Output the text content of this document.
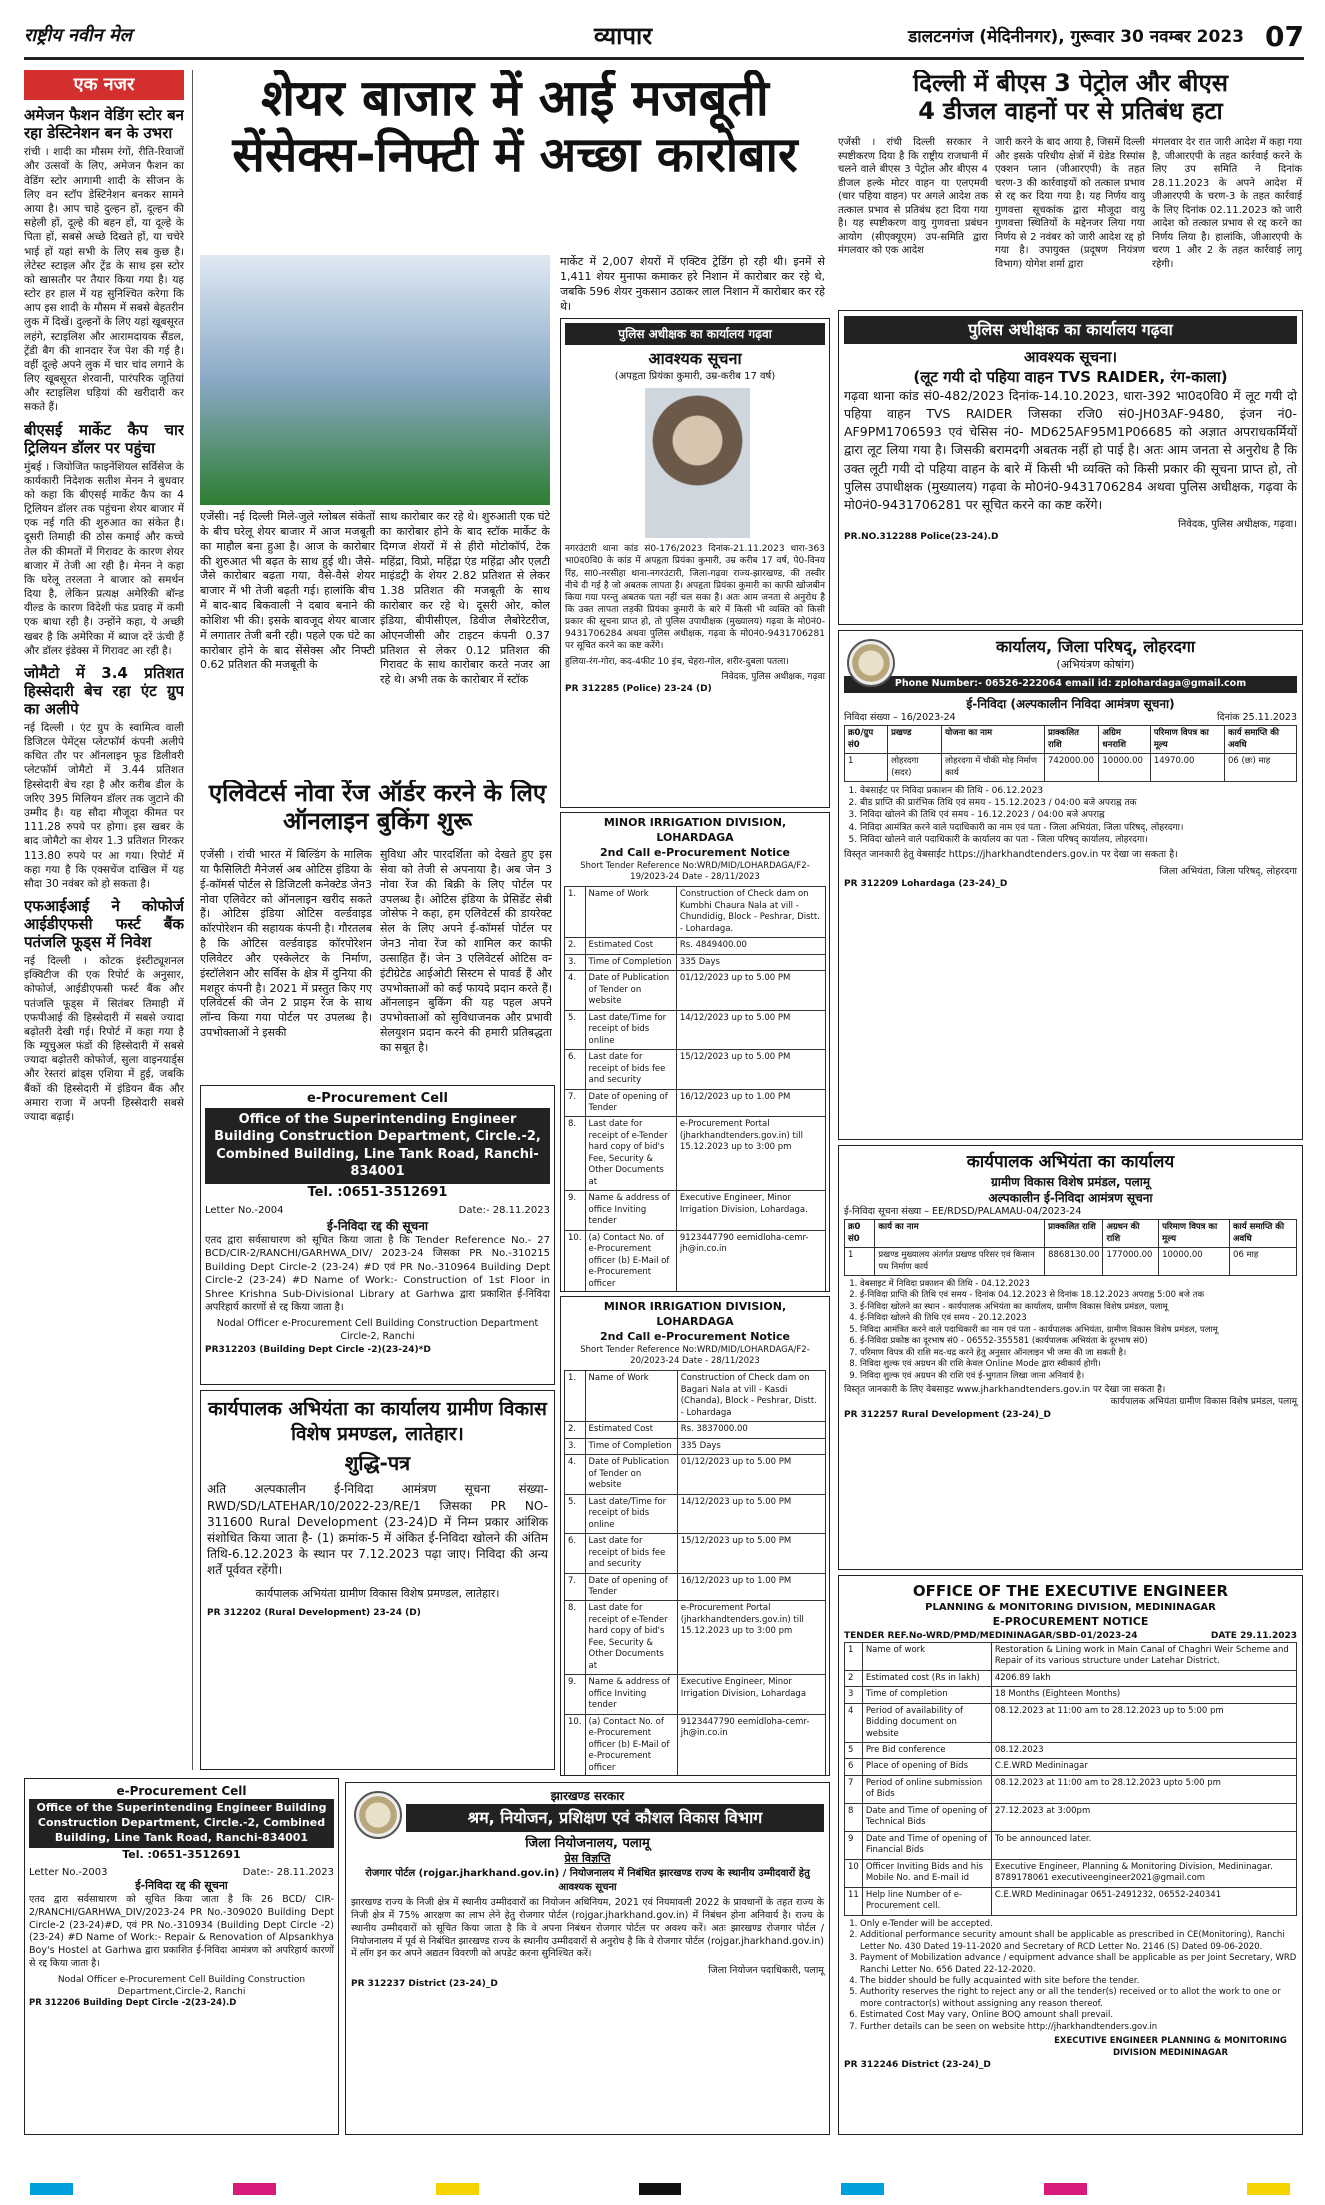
राष्ट्रीय नवीन मेल	व्यापार	डालटनगंज (मेदिनीनगर), गुरूवार 30 नवम्बर 2023 07
एक नजर
अमेजन फैशन वेडिंग स्टोर बन रहा डेस्टिनेशन बन के उभरा

रांची । शादी का मौसम रंगों, रीति-रिवाजों और उत्सवों के लिए, अमेजन फैशन का वेडिंग स्टोर आगामी शादी के सीजन के लिए वन स्टॉप डेस्टिनेशन बनकर सामने आया है। आप चाहे दुल्हन हों, दूल्हन की सहेली हों, दूल्हे की बहन हों, या दूल्हे के पिता हों, सबसे अच्छे दिखते हों, या चचेरे भाई हों यहां सभी के लिए सब कुछ है। लेटेस्ट स्टाइल और ट्रेंड के साथ इस स्टोर को खासतौर पर तैयार किया गया है। यह स्टोर हर हाल में यह सुनिश्चित करेगा कि आप इस शादी के मौसम में सबसे बेहतरीन लुक में दिखें। दुल्हनों के लिए यहां खूबसूरत लहंगे, स्टाइलिश और आरामदायक सैंडल, ट्रेंडी बैग की शानदार रेंज पेश की गई है। वहीं दूल्हे अपने लुक में चार चांद लगाने के लिए खूबसूरत शेरवानी, पारंपरिक जूतियां और स्टाइलिश घड़ियां की खरीदारी कर सकते हैं।

बीएसई मार्केट कैप चार ट्रिलियन डॉलर पर पहुंचा

मुंबई । जियोजित फाइनेंशियल सर्विसेज के कार्यकारी निदेशक सतीश मेनन ने बुधवार को कहा कि बीएसई मार्केट कैप का 4 ट्रिलियन डॉलर तक पहुंचना शेयर बाजार में एक नई गति की शुरुआत का संकेत है। दूसरी तिमाही की ठोस कमाई और कच्चे तेल की कीमतों में गिरावट के कारण शेयर बाजार में तेजी आ रही है। मेनन ने कहा कि घरेलू तरलता ने बाजार को समर्थन दिया है, लेकिन प्रत्यक्ष अमेरिकी बॉन्ड यील्ड के कारण विदेशी फंड प्रवाह में कमी एक बाधा रही है। उन्होंने कहा, ये अच्छी खबर है कि अमेरिका में ब्याज दरें ऊंची हैं और डॉलर इंडेक्स में गिरावट आ रही है।

जोमैटो में 3.4 प्रतिशत हिस्सेदारी बेच रहा एंट ग्रुप का अलीपे

नई दिल्ली । एंट ग्रुप के स्वामित्व वाली डिजिटल पेमेंट्स प्लेटफॉर्म कंपनी अलीपे कथित तौर पर ऑनलाइन फूड डिलीवरी प्लेटफॉर्म जोमैटो में 3.44 प्रतिशत हिस्सेदारी बेच रहा है और करीब डील के जरिए 395 मिलियन डॉलर तक जुटाने की उम्मीद है। यह सौदा मौजूदा कीमत पर 111.28 रुपये पर होगा। इस खबर के बाद जोमैटो का शेयर 1.3 प्रतिशत गिरकर 113.80 रुपये पर आ गया। रिपोर्ट में कहा गया है कि एक्सचेंज दाखिल में यह सौदा 30 नवंबर को हो सकता है।

एफआईआई ने कोफोर्ज आईडीएफसी फर्स्ट बैंक पतंजलि फूड्स में निवेश

नई दिल्ली । कोटक इंस्टीट्यूशनल इक्विटीज की एक रिपोर्ट के अनुसार, कोफोर्ज, आईडीएफसी फर्स्ट बैंक और पतंजलि फूड्स में सितंबर तिमाही में एफपीआई की हिस्सेदारी में सबसे ज्यादा बढ़ोतरी देखी गई। रिपोर्ट में कहा गया है कि म्यूचुअल फंडों की हिस्सेदारी में सबसे ज्यादा बढ़ोतरी कोफोर्ज, सुला वाइनयार्ड्स और रेस्तरां ब्रांड्स एशिया में हुई, जबकि बैंकों की हिस्सेदारी में इंडियन बैंक और अमारा राजा में अपनी हिस्सेदारी सबसे ज्यादा बढ़ाई।

शेयर बाजार में आई मजबूती
सेंसेक्स-निफ्टी में अच्छा कारोबार
मार्केट में 2,007 शेयरों में एक्टिव ट्रेडिंग हो रही थी। इनमें से 1,411 शेयर मुनाफा कमाकर हरे निशान में कारोबार कर रहे थे, जबकि 596 शेयर नुकसान उठाकर लाल निशान में कारोबार कर रहे थे।
एजेंसी। नई दिल्ली मिले-जुले ग्लोबल संकेतों के बीच घरेलू शेयर बाजार में आज मजबूती का माहौल बना हुआ है। आज के कारोबार की शुरुआत भी बढ़त के साथ हुई थी। जैसे-जैसे कारोबार बढ़ता गया, वैसे-वैसे शेयर बाजार में भी तेजी बढ़ती गई। हालांकि बीच में बाद-बाद बिकवाली ने दबाव बनाने की कोशिश भी की। इसके बावजूद शेयर बाजार में लगातार तेजी बनी रही। पहले एक घंटे का कारोबार होने के बाद सेंसेक्स और निफ्टी 0.62 प्रतिशत की मजबूती के
साथ कारोबार कर रहे थे। शुरुआती एक घंटे का कारोबार होने के बाद स्टॉक मार्केट के दिग्गज शेयरों में से हीरो मोटोकॉर्प, टेक महिंद्रा, विप्रो, महिंद्रा एंड महिंद्रा और एलटी माइंडट्री के शेयर 2.82 प्रतिशत से लेकर 1.38 प्रतिशत की मजबूती के साथ कारोबार कर रहे थे। दूसरी ओर, कोल इंडिया, बीपीसीएल, डिवीज लैबोरेटरीज, ओएनजीसी और टाइटन कंपनी 0.37 प्रतिशत से लेकर 0.12 प्रतिशत की गिरावट के साथ कारोबार करते नजर आ रहे थे। अभी तक के कारोबार में स्टॉक
एलिवेटर्स नोवा रेंज ऑर्डर करने के लिए ऑनलाइन बुकिंग शुरू
एजेंसी । रांची भारत में बिल्डिंग के मालिक या फैसिलिटी मैनेजर्स अब ओटिस इंडिया के ई-कॉमर्स पोर्टल से डिजिटली कनेक्टेड जेन3 नोवा एलिवेटर को ऑनलाइन खरीद सकते हैं। ओटिस इंडिया ओटिस वर्ल्डवाइड कॉरपोरेशन की सहायक कंपनी है। गौरतलब है कि ओटिस वर्ल्डवाइड कॉरपोरेशन एलिवेटर और एस्केलेटर के निर्माण, इंस्टॉलेशन और सर्विस के क्षेत्र में दुनिया की मशहूर कंपनी है। 2021 में प्रस्तुत किए गए एलिवेटर्स की जेन 2 प्राइम रेंज के साथ लॉन्च किया गया पोर्टल पर उपलब्ध है। उपभोक्ताओं ने इसकी
सुविधा और पारदर्शिता को देखते हुए इस सेवा को तेजी से अपनाया है। अब जेन 3 नोवा रेंज की बिक्री के लिए पोर्टल पर उपलब्ध है। ओटिस इंडिया के प्रेसिडेंट सेबी जोसेफ ने कहा, हम एलिवेटर्स की डायरेक्ट सेल के लिए अपने ई-कॉमर्स पोर्टल पर जेन3 नोवा रेंज को शामिल कर काफी उत्साहित हैं। जेन 3 एलिवेटर्स ओटिस वन्‍ इंटीग्रेटेड आईओटी सिस्टम से पावर्ड हैं और उपभोक्ताओं को कई फायदे प्रदान करते हैं। ऑनलाइन बुकिंग की यह पहल अपने उपभोक्ताओं को सुविधाजनक और प्रभावी सेलयुशन प्रदान करने की हमारी प्रतिबद्धता का सबूत है।
पुलिस अधीक्षक का कार्यालय गढ़वा
आवश्यक सूचना
(अपहृता प्रियंका कुमारी, उम्र-करीब 17 वर्ष)
नगरउंटारी थाना कांड सं0-176/2023 दिनांक-21.11.2023 धारा-363 भा0द0वि0 के कांड में अपहृता प्रियंका कुमारी, उम्र करीब 17 वर्ष, पे0-विनय रिंह, सा0-नरसीहा थाना-नगरउंटारी, जिला-गढ़वा राज्य-झारखण्ड, की तस्वीर नीचे दी गई है जो अबतक लापता है। अपहृता प्रियंका कुमारी का काफी खोजबीन किया गया परन्तु अबतक पता नहीं चल सका है। अतः आम जनता से अनुरोध है कि उक्त लापता लड़की प्रियंका कुमारी के बारे में किसी भी व्यक्ति को किसी प्रकार की सूचना प्राप्त हो, तो पुलिस उपाधीक्षक (मुख्यालय) गढ़वा के मो0नं0-9431706284 अथवा पुलिस अधीक्षक, गढ़वा के मो0नं0-9431706281 पर सूचित करने का कष्ट करेंगे।
हुलिया-रंग-गोरा, कद-4फीट 10 इंच, चेहरा-गोल, शरीर-दुबला पतला।
निवेदक, पुलिस अधीक्षक, गढ़वा
PR 312285 (Police) 23-24 (D)
MINOR IRRIGATION DIVISION, LOHARDAGA
2nd Call e-Procurement Notice
Short Tender Reference No:WRD/MID/LOHARDAGA/F2-19/2023-24 Date - 28/11/2023
1.	Name of Work	Construction of Check dam on Kumbhi Chaura Nala at vill - Chundidig, Block - Peshrar, Distt. - Lohardaga.
2.	Estimated Cost	Rs. 4849400.00
3.	Time of Completion	335 Days
4.	Date of Publication of Tender on website	01/12/2023 up to 5.00 PM
5.	Last date/Time for receipt of bids online	14/12/2023 up to 5.00 PM
6.	Last date for receipt of bids fee and security	15/12/2023 up to 5.00 PM
7.	Date of opening of Tender	16/12/2023 up to 1.00 PM
8.	Last date for receipt of e-Tender hard copy of bid's Fee, Security & Other Documents at	e-Procurement Portal (jharkhandtenders.gov.in) till 15.12.2023 up to 3:00 pm
9.	Name & address of office Inviting tender	Executive Engineer, Minor Irrigation Division, Lohardaga.
10.	(a) Contact No. of e-Procurement officer (b) E-Mail of e-Procurement officer	9123447790 eemidloha-cemr-jh@in.co.in

MINOR IRRIGATION DIVISION, LOHARDAGA
2nd Call e-Procurement Notice
Short Tender Reference No:WRD/MID/LOHARDAGA/F2-20/2023-24 Date - 28/11/2023
1.	Name of Work	Construction of Check dam on Bagari Nala at vill - Kasdi (Chanda), Block - Peshrar, Distt. - Lohardaga
2.	Estimated Cost	Rs. 3837000.00
3.	Time of Completion	335 Days
4.	Date of Publication of Tender on website	01/12/2023 up to 5.00 PM
5.	Last date/Time for receipt of bids online	14/12/2023 up to 5.00 PM
6.	Last date for receipt of bids fee and security	15/12/2023 up to 5.00 PM
7.	Date of opening of Tender	16/12/2023 up to 1.00 PM
8.	Last date for receipt of e-Tender hard copy of bid's Fee, Security & Other Documents at	e-Procurement Portal (jharkhandtenders.gov.in) till 15.12.2023 up to 3:00 pm
9.	Name & address of office Inviting tender	Executive Engineer, Minor Irrigation Division, Lohardaga
10.	(a) Contact No. of e-Procurement officer (b) E-Mail of e-Procurement officer	9123447790 eemidloha-cemr-jh@in.co.in

e-Procurement Cell
Office of the Superintending Engineer Building Construction Department, Circle.-2, Combined Building, Line Tank Road, Ranchi-834001
Tel. :0651-3512691
Letter No.-2004	Date:- 28.11.2023
ई-निविदा रद्द की सूचना
एतद द्वारा सर्वसाधारण को सूचित किया जाता है कि Tender Reference No.- 27 BCD/CIR-2/RANCHI/GARHWA_DIV/ 2023-24 जिसका PR No.-310215 Building Dept Circle-2 (23-24) #D एवं PR No.-310964 Building Dept Circle-2 (23-24) #D Name of Work:- Construction of 1st Floor in Shree Krishna Sub-Divisional Library at Garhwa द्वारा प्रकाशित ई-निविदा अपरिहार्य कारणों से रद्द किया जाता है।
Nodal Officer e-Procurement Cell Building Construction Department Circle-2, Ranchi
PR312203 (Building Dept Circle -2)(23-24)*D
कार्यपालक अभियंता का कार्यालय ग्रामीण विकास विशेष प्रमण्डल, लातेहार।
शुद्धि-पत्र
अति अल्पकालीन ई-निविदा आमंत्रण सूचना संख्या- RWD/SD/LATEHAR/10/2022-23/RE/1 जिसका PR NO- 311600 Rural Development (23-24)D में निम्न प्रकार आंशिक संशोधित किया जाता है- (1) क्रमांक-5 में अंकित ई-निविदा खोलने की अंतिम तिथि-6.12.2023 के स्थान पर 7.12.2023 पढ़ा जाए। निविदा की अन्य शर्तें पूर्ववत रहेंगी।
कार्यपालक अभियंता ग्रामीण विकास विशेष प्रमण्डल, लातेहार।
PR 312202 (Rural Development) 23-24 (D)
दिल्ली में बीएस 3 पेट्रोल और बीएस
4 डीजल वाहनों पर से प्रतिबंध हटा
एजेंसी । रांची दिल्ली सरकार ने स्पष्टीकरण दिया है कि राष्ट्रीय राजधानी में चलने वाले बीएस 3 पेट्रोल और बीएस 4 डीजल हल्के मोटर वाहन या एलएमवी (चार पहिया वाहन) पर अगले आदेश तक तत्काल प्रभाव से प्रतिबंध हटा दिया गया है। यह स्पष्टीकरण वायु गुणवत्ता प्रबंधन आयोग (सीएक्यूएम) उप-समिति द्वारा मंगलवार को एक आदेश
जारी करने के बाद आया है, जिसमें दिल्ली और इसके परिधीय क्षेत्रों में ग्रेडेड रिस्पांस एक्शन प्लान (जीआरएपी) के तहत चरण-3 की कार्रवाइयों को तत्काल प्रभाव से रद्द कर दिया गया है। यह निर्णय वायु गुणवत्ता सूचकांक द्वारा मौजूदा वायु गुणवत्ता स्थितियों के मद्देनजर लिया गया निर्णय से 2 नवंबर को जारी आदेश रद्द हो गया है। उपायुक्त (प्रदूषण नियंत्रण विभाग) योगेश शर्मा द्वारा
मंगलवार देर रात जारी आदेश में कहा गया है, जीआरएपी के तहत कार्रवाई करने के लिए उप समिति ने दिनांक 28.11.2023 के अपने आदेश में जीआरएपी के चरण-3 के तहत कार्रवाई के लिए दिनांक 02.11.2023 को जारी आदेश को तत्काल प्रभाव से रद्द करने का निर्णय लिया है। हालांकि, जीआरएपी के चरण 1 और 2 के तहत कार्रवाई लागू रहेगी।
पुलिस अधीक्षक का कार्यालय गढ़वा
आवश्यक सूचना।
(लूट गयी दो पहिया वाहन TVS RAIDER, रंग-काला)
गढ़वा थाना कांड सं0-482/2023 दिनांक-14.10.2023, धारा-392 भा0द0वि0 में लूट गयी दो पहिया वाहन TVS RAIDER जिसका रजि0 सं0-JH03AF-9480, इंजन नं0-AF9PM1706593 एवं चेसिस नं0- MD625AF95M1P06685 को अज्ञात अपराधकर्मियों द्वारा लूट लिया गया है। जिसकी बरामदगी अबतक नहीं हो पाई है। अतः आम जनता से अनुरोध है कि उक्त लूटी गयी दो पहिया वाहन के बारे में किसी भी व्यक्ति को किसी प्रकार की सूचना प्राप्त हो, तो पुलिस उपाधीक्षक (मुख्यालय) गढ़वा के मो0नं0-9431706284 अथवा पुलिस अधीक्षक, गढ़वा के मो0नं0-9431706281 पर सूचित करने का कष्ट करेंगे।
निवेदक, पुलिस अधीक्षक, गढ़वा।
PR.NO.312288 Police(23-24).D
कार्यालय, जिला परिषद्, लोहरदगा
(अभियंत्रण कोषांग)
Phone Number:- 06526-222064 email id: zplohardaga@gmail.com
ई-निविदा (अल्पकालीन निविदा आमंत्रण सूचना)
निविदा संख्या – 16/2023-24	दिनांक 25.11.2023
क्र0/ग्रुप सं0	प्रखण्ड	योजना का नाम	प्राक्कलित राशि	अग्रिम धनराशि	परिमाण विपत्र का मूल्य	कार्य समाप्ति की अवधि
1	लोहरदगा (सदर)	लोहरदगा में चौकी मोड़ निर्माण कार्य	742000.00	10000.00	14970.00	06 (छः) माह
1. वेबसाईट पर निविदा प्रकाशन की तिथि - 06.12.2023
2. बीड प्राप्ति की प्रारंभिक तिथि एवं समय - 15.12.2023 / 04:00 बजे अपराह्न तक
3. निविदा खोलने की तिथि एवं समय - 16.12.2023 / 04:00 बजे अपराह्न
4. निविदा आमंत्रित करने वाले पदाधिकारी का नाम एवं पता - जिला अभियंता, जिला परिषद्, लोहरदगा।
5. निविदा खोलने वाले पदाधिकारी के कार्यालय का पता - जिला परिषद् कार्यालय, लोहरदगा।
विस्तृत जानकारी हेतु वेबसाईट https://jharkhandtenders.gov.in पर देखा जा सकता है।
जिला अभियंता, जिला परिषद्, लोहरदगा
PR 312209 Lohardaga (23-24)_D
कार्यपालक अभियंता का कार्यालय
ग्रामीण विकास विशेष प्रमंडल, पलामू
अल्पकालीन ई-निविदा आमंत्रण सूचना
ई-निविदा सूचना संख्या – EE/RDSD/PALAMAU-04/2023-24
क्र0 सं0	कार्य का नाम	प्राक्कलित राशि	अग्रधन की राशि	परिमाण विपत्र का मूल्य	कार्य समाप्ति की अवधि
1	प्रखण्ड मुख्यालय अंतर्गत प्रखण्ड परिसर एवं किसान पथ निर्माण कार्य	8868130.00	177000.00	10000.00	06 माह
1. वेबसाइट में निविदा प्रकाशन की तिथि - 04.12.2023
2. ई-निविदा प्राप्ति की तिथि एवं समय - दिनांक 04.12.2023 से दिनांक 18.12.2023 अपराह्न 5:00 बजे तक
3. ई-निविदा खोलने का स्थान - कार्यपालक अभियंता का कार्यालय, ग्रामीण विकास विशेष प्रमंडल, पलामू
4. ई-निविदा खोलने की तिथि एवं समय - 20.12.2023
5. निविदा आमंत्रित करने वाले पदाधिकारी का नाम एवं पता - कार्यपालक अभियंता, ग्रामीण विकास विशेष प्रमंडल, पलामू
6. ई-निविदा प्रकोष्ठ का दूरभाष सं0 - 06552-355581 (कार्यपालक अभियंता के दूरभाष सं0)
7. परिमाण विपत्र की राशि मद-चद्र करने हेतु अनुसार ऑनलाइन भी जमा की जा सकती है।
8. निविदा शुल्क एवं अग्रधन की राशि केवल Online Mode द्वारा स्वीकार्य होगी।
9. निविदा शुल्क एवं अग्रधन की राशि एवं ई-भुगतान लिखा जाना अनिवार्य है।
विस्तृत जानकारी के लिए वेबसाइट www.jharkhandtenders.gov.in पर देखा जा सकता है।
कार्यपालक अभियंता ग्रामीण विकास विशेष प्रमंडल, पलामू
PR 312257 Rural Development (23-24)_D
OFFICE OF THE EXECUTIVE ENGINEER
PLANNING & MONITORING DIVISION, MEDININAGAR
E-PROCUREMENT NOTICE
TENDER REF.No-WRD/PMD/MEDININAGAR/SBD-01/2023-24	DATE 29.11.2023
1	Name of work	Restoration & Lining work in Main Canal of Chaghri Weir Scheme and Repair of its various structure under Latehar District.
2	Estimated cost (Rs in lakh)	4206.89 lakh
3	Time of completion	18 Months (Eighteen Months)
4	Period of availability of Bidding document on website	08.12.2023 at 11:00 am to 28.12.2023 up to 5:00 pm
5	Pre Bid conference	08.12.2023
6	Place of opening of Bids	C.E.WRD Medininagar
7	Period of online submission of Bids	08.12.2023 at 11:00 am to 28.12.2023 upto 5:00 pm
8	Date and Time of opening of Technical Bids	27.12.2023 at 3:00pm
9	Date and Time of opening of Financial Bids	To be announced later.
10	Officer Inviting Bids and his Mobile No. and E-mail id	Executive Engineer, Planning & Monitoring Division, Medininagar. 8789178061 executiveengineer2021@gmail.com
11	Help line Number of e-Procurement cell.	C.E.WRD Medininagar 0651-2491232, 06552-240341
1. Only e-Tender will be accepted.
2. Additional performance security amount shall be applicable as prescribed in CE(Monitoring), Ranchi Letter No. 430 Dated 19-11-2020 and Secretary of RCD Letter No. 2146 (S) Dated 09-06-2020.
3. Payment of Mobilization advance / equipment advance shall be applicable as per Joint Secretary, WRD Ranchi Letter No. 656 Dated 22-12-2020.
4. The bidder should be fully acquainted with site before the tender.
5. Authority reserves the right to reject any or all the tender(s) received or to allot the work to one or more contractor(s) without assigning any reason thereof.
6. Estimated Cost May vary, Online BOQ amount shall prevail.
7. Further details can be seen on website http://jharkhandtenders.gov.in
EXECUTIVE ENGINEER PLANNING & MONITORING DIVISION MEDININAGAR
PR 312246 District (23-24)_D
e-Procurement Cell
Office of the Superintending Engineer Building Construction Department, Circle.-2, Combined Building, Line Tank Road, Ranchi-834001
Tel. :0651-3512691
Letter No.-2003	Date:- 28.11.2023
ई-निविदा रद्द की सूचना
एतद द्वारा सर्वसाधारण को सूचित किया जाता है कि 26 BCD/ CIR-2/RANCHI/GARHWA_DIV/2023-24 PR No.-309020 Building Dept Circle-2 (23-24)#D, एवं PR No.-310934 (Building Dept Circle -2) (23-24) #D Name of Work:- Repair & Renovation of Alpsankhya Boy's Hostel at Garhwa द्वारा प्रकाशित ई-निविदा आमंत्रण को अपरिहार्य कारणों से रद्द किया जाता है।
Nodal Officer e-Procurement Cell Building Construction Department,Circle-2, Ranchi
PR 312206 Building Dept Circle -2(23-24).D
झारखण्ड सरकार
श्रम, नियोजन, प्रशिक्षण एवं कौशल विकास विभाग
जिला नियोजनालय, पलामू
प्रेस विज्ञप्ति
रोजगार पोर्टल (rojgar.jharkhand.gov.in) / नियोजनालय में निबंधित झारखण्ड राज्य के स्थानीय उम्मीदवारों हेतु आवश्यक सूचना
झारखण्ड राज्य के निजी क्षेत्र में स्थानीय उम्मीदवारों का नियोजन अधिनियम, 2021 एवं नियमावली 2022 के प्रावधानों के तहत राज्य के निजी क्षेत्र में 75% आरक्षण का लाभ लेने हेतु रोजगार पोर्टल (rojgar.jharkhand.gov.in) में निबंधन होना अनिवार्य है। राज्य के स्थानीय उम्मीदवारों को सूचित किया जाता है कि वे अपना निबंधन रोजगार पोर्टल पर अवश्य करें। अतः झारखण्ड रोजगार पोर्टल / नियोजनालय में पूर्व से निबंधित झारखण्ड राज्य के स्थानीय उम्मीदवारों से अनुरोध है कि वे रोजगार पोर्टल (rojgar.jharkhand.gov.in) में लॉग इन कर अपने अद्यतन विवरणी को अपडेट करना सुनिश्चित करें।
जिला नियोजन पदाधिकारी, पलामू
PR 312237 District (23-24)_D
